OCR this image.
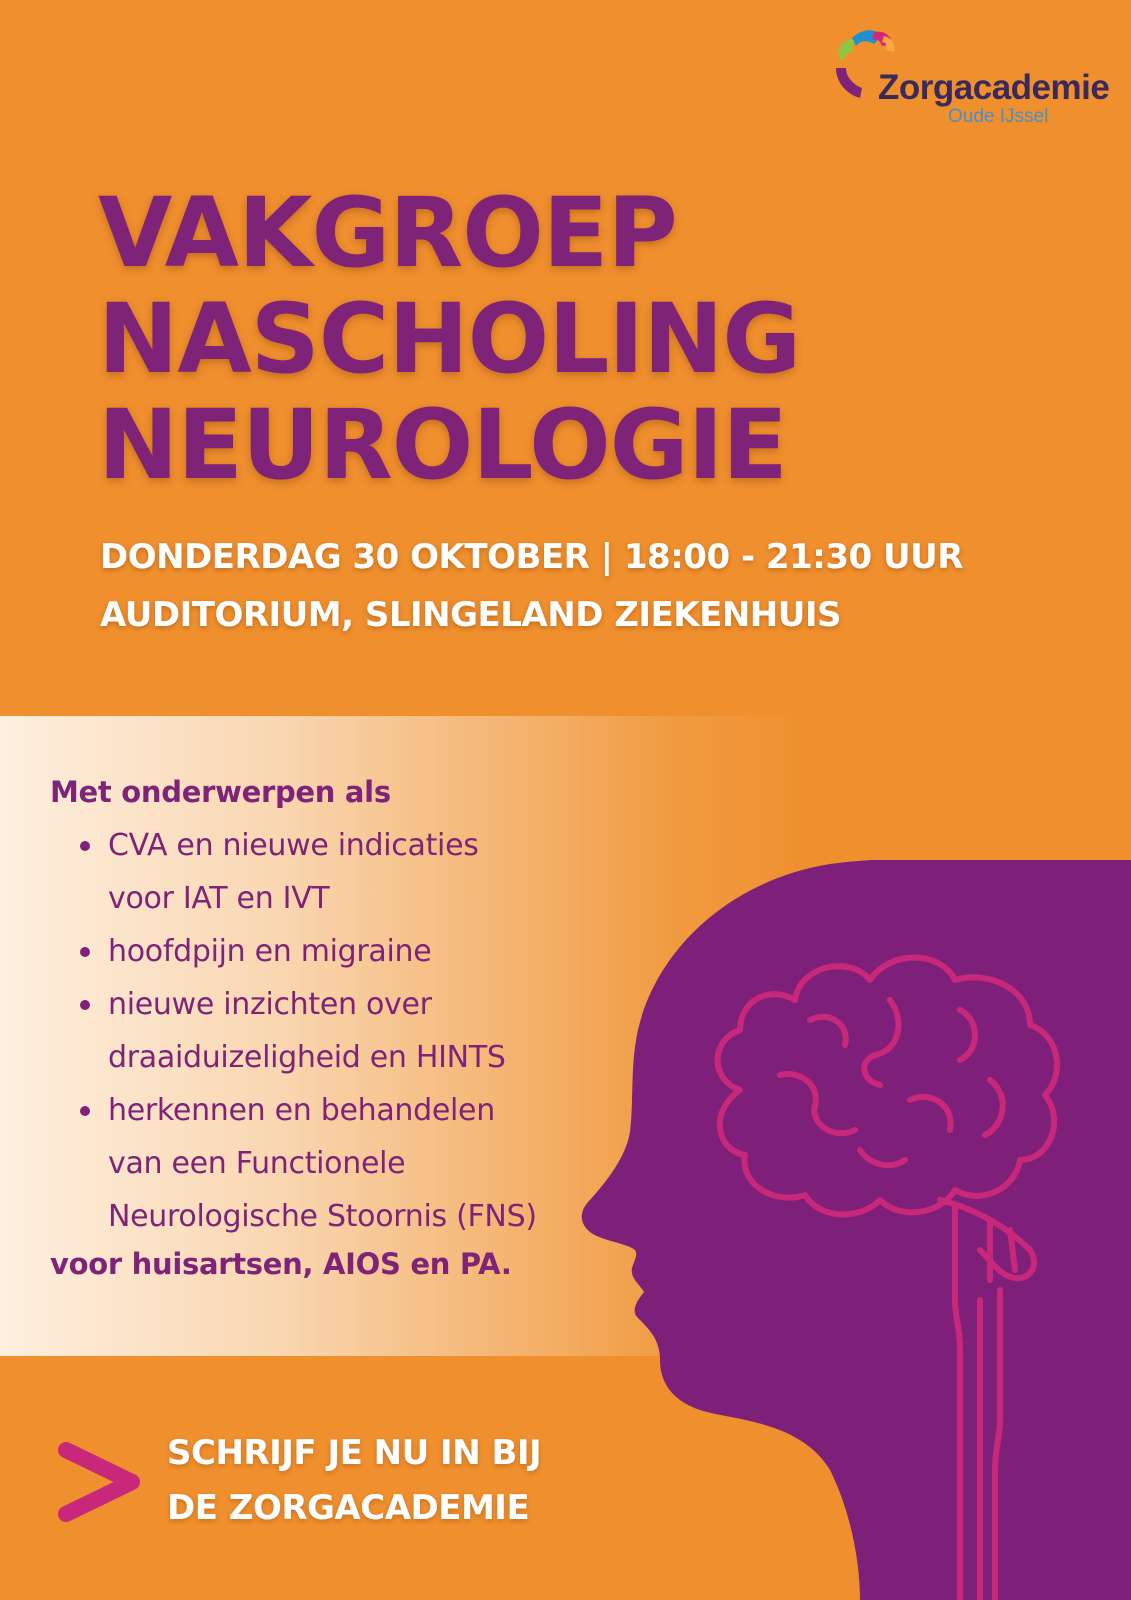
Zorgacademie
Oude IJssel
VAKGROEP
NASCHOLING
NEUROLOGIE
DONDERDAG 30 OKTOBER | 18:00 - 21:30 UUR
AUDITORIUM, SLINGELAND ZIEKENHUIS
Met onderwerpen als
CVA en nieuwe indicaties
voor IAT en IVT
hoofdpijn en migraine
nieuwe inzichten over
draaiduizeligheid en HINTS
herkennen en behandelen
van een Functionele
Neurologische Stoornis (FNS)
voor huisartsen, AIOS en PA.
SCHRIJF JE NU IN BIJ
DE ZORGACADEMIE
